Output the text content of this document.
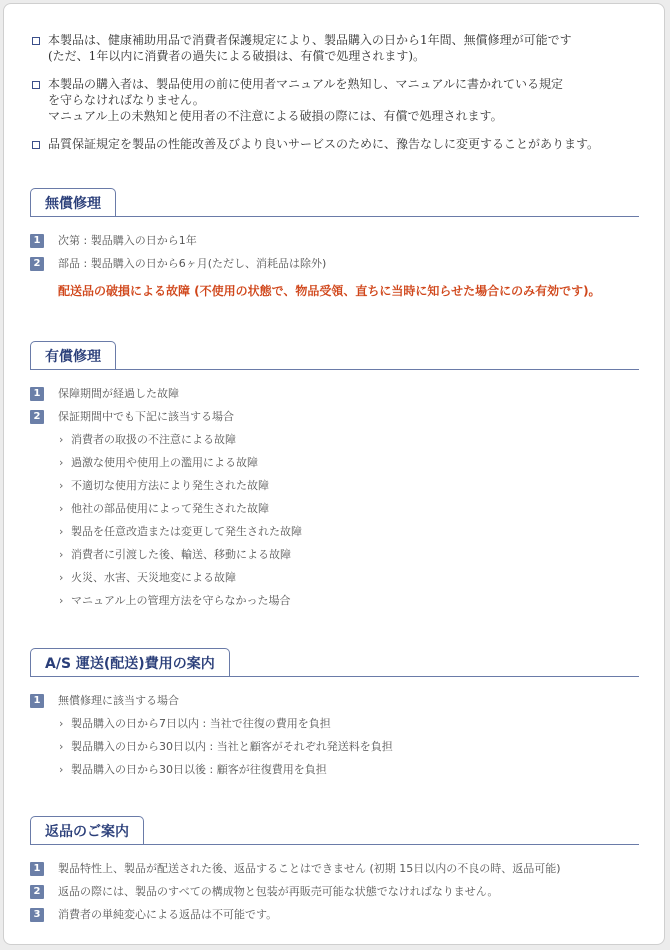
本製品は、健康補助用品で消費者保護規定により、製品購入の日から1年間、無償修理が可能です
(ただ、1年以内に消費者の過失による破損は、有償で処理されます)。
本製品の購入者は、製品使用の前に使用者マニュアルを熟知し、マニュアルに書かれている規定
を守らなければなりません。
マニュアル上の未熟知と使用者の不注意による破損の際には、有償で処理されます。
品質保証規定を製品の性能改善及びより良いサービスのために、豫告なしに変更することがあります。
無償修理
1	次第 : 製品購入の日から1年
2	部品 : 製品購入の日から6ヶ月(ただし、消耗品は除外)
配送品の破損による故障 (不使用の状態で、物品受領、直ちに当時に知らせた場合にのみ有効です)。
有償修理
1	保障期間が経過した故障
2	保証期間中でも下記に該当する場合
› 消費者の取扱の不注意による故障
› 過激な使用や使用上の濫用による故障
› 不適切な使用方法により発生された故障
› 他社の部品使用によって発生された故障
› 製品を任意改造または変更して発生された故障
› 消費者に引渡した後、輸送、移動による故障
› 火災、水害、天災地変による故障
› マニュアル上の管理方法を守らなかった場合
A/S 運送(配送)費用の案内
1	無償修理に該当する場合
› 製品購入の日から7日以内 : 当社で往復の費用を負担
› 製品購入の日から30日以内 : 当社と顧客がそれぞれ発送料を負担
› 製品購入の日から30日以後 : 顧客が往復費用を負担
返品のご案内
1	製品特性上、製品が配送された後、返品することはできません (初期 15日以内の不良の時、返品可能)
2	返品の際には、製品のすべての構成物と包装が再販売可能な状態でなければなりません。
3	消費者の単純変心による返品は不可能です。
